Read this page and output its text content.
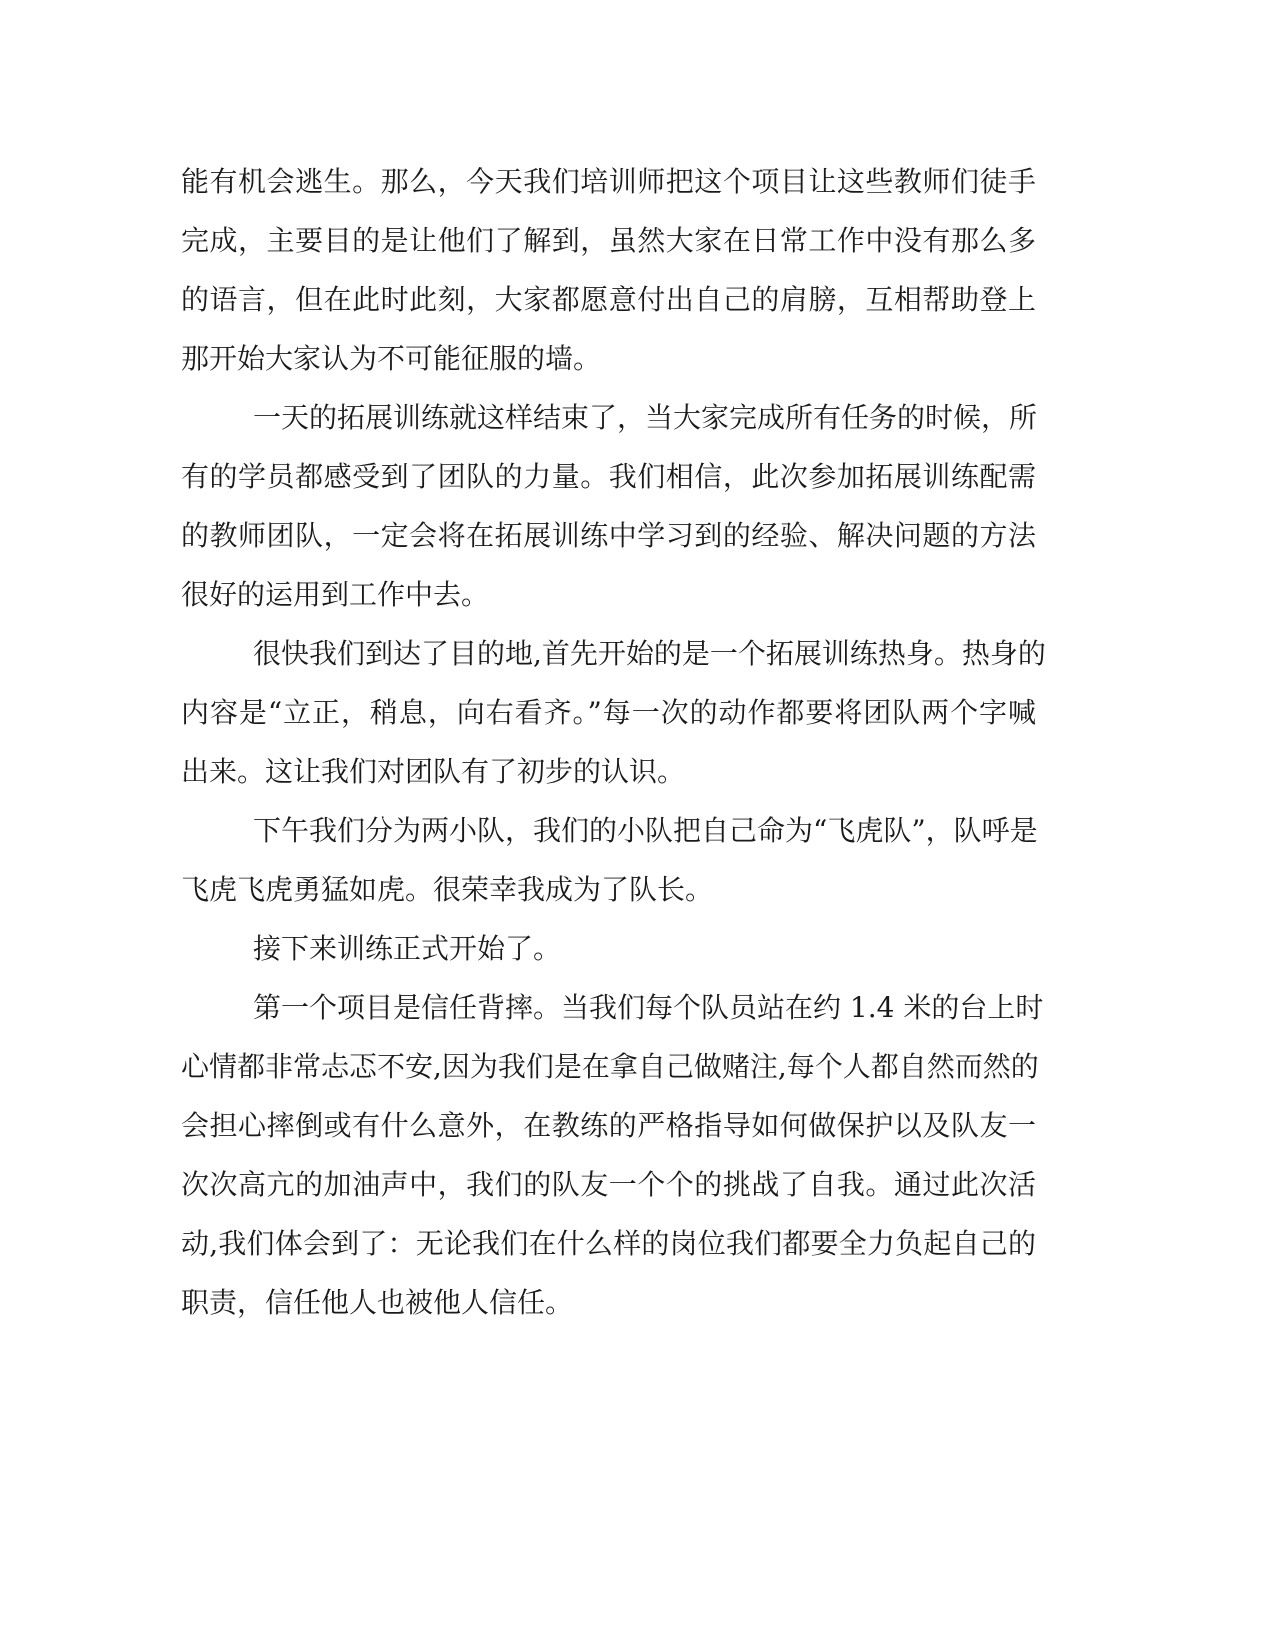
能有机会逃生。那么，今天我们培训师把这个项目让这些教师们徒手
完成，主要目的是让他们了解到，虽然大家在日常工作中没有那么多
的语言，但在此时此刻，大家都愿意付出自己的肩膀，互相帮助登上
那开始大家认为不可能征服的墙。
一天的拓展训练就这样结束了，当大家完成所有任务的时候，所
有的学员都感受到了团队的力量。我们相信，此次参加拓展训练配需
的教师团队，一定会将在拓展训练中学习到的经验、解决问题的方法
很好的运用到工作中去。
很快我们到达了目的地,首先开始的是一个拓展训练热身。热身的
内容是“立正，稍息，向右看齐。”每一次的动作都要将团队两个字喊
出来。这让我们对团队有了初步的认识。
下午我们分为两小队，我们的小队把自己命为“飞虎队”，队呼是
飞虎飞虎勇猛如虎。很荣幸我成为了队长。
接下来训练正式开始了。
第一个项目是信任背摔。当我们每个队员站在约 1.4 米的台上时
心情都非常忐忑不安,因为我们是在拿自己做赌注,每个人都自然而然的
会担心摔倒或有什么意外，在教练的严格指导如何做保护以及队友一
次次高亢的加油声中，我们的队友一个个的挑战了自我。通过此次活
动,我们体会到了：无论我们在什么样的岗位我们都要全力负起自己的
职责，信任他人也被他人信任。
